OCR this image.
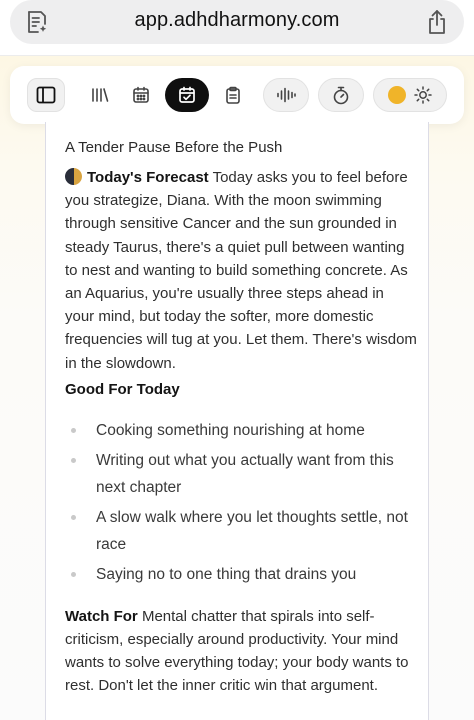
app.adhdharmony.com
A Tender Pause Before the Push

Today's Forecast Today asks you to feel before you strategize, Diana. With the moon swimming through sensitive Cancer and the sun grounded in steady Taurus, there's a quiet pull between wanting to nest and wanting to build something concrete. As an Aquarius, you're usually three steps ahead in your mind, but today the softer, more domestic frequencies will tug at you. Let them. There's wisdom in the slowdown.

Good For Today
Cooking something nourishing at home
Writing out what you actually want from this next chapter
A slow walk where you let thoughts settle, not race
Saying no to one thing that drains you

Watch For Mental chatter that spirals into self-criticism, especially around productivity. Your mind wants to solve everything today; your body wants to rest. Don't let the inner critic win that argument.
